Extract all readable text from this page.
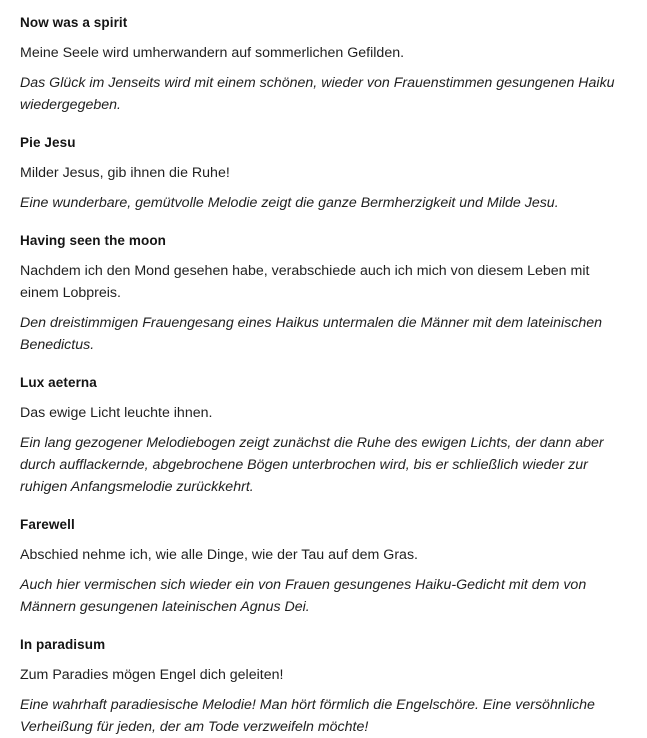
Now was a spirit

Meine Seele wird umherwandern auf sommerlichen Gefilden.

Das Glück im Jenseits wird mit einem schönen, wieder von Frauenstimmen gesungenen Haiku wiedergegeben.

Pie Jesu

Milder Jesus, gib ihnen die Ruhe!

Eine wunderbare, gemütvolle Melodie zeigt die ganze Bermherzigkeit und Milde Jesu.

Having seen the moon

Nachdem ich den Mond gesehen habe, verabschiede auch ich mich von diesem Leben mit einem Lobpreis.

Den dreistimmigen Frauengesang eines Haikus untermalen die Männer mit dem lateinischen Benedictus.

Lux aeterna

Das ewige Licht leuchte ihnen.

Ein lang gezogener Melodiebogen zeigt zunächst die Ruhe des ewigen Lichts, der dann aber durch aufflackernde, abgebrochene Bögen unterbrochen wird, bis er schließlich wieder zur ruhigen Anfangsmelodie zurückkehrt.

Farewell

Abschied nehme ich, wie alle Dinge, wie der Tau auf dem Gras.

Auch hier vermischen sich wieder ein von Frauen gesungenes Haiku-Gedicht mit dem von Männern gesungenen lateinischen Agnus Dei.

In paradisum

Zum Paradies mögen Engel dich geleiten!

Eine wahrhaft paradiesische Melodie! Man hört förmlich die Engelschöre. Eine versöhnliche Verheißung für jeden, der am Tode verzweifeln möchte!
